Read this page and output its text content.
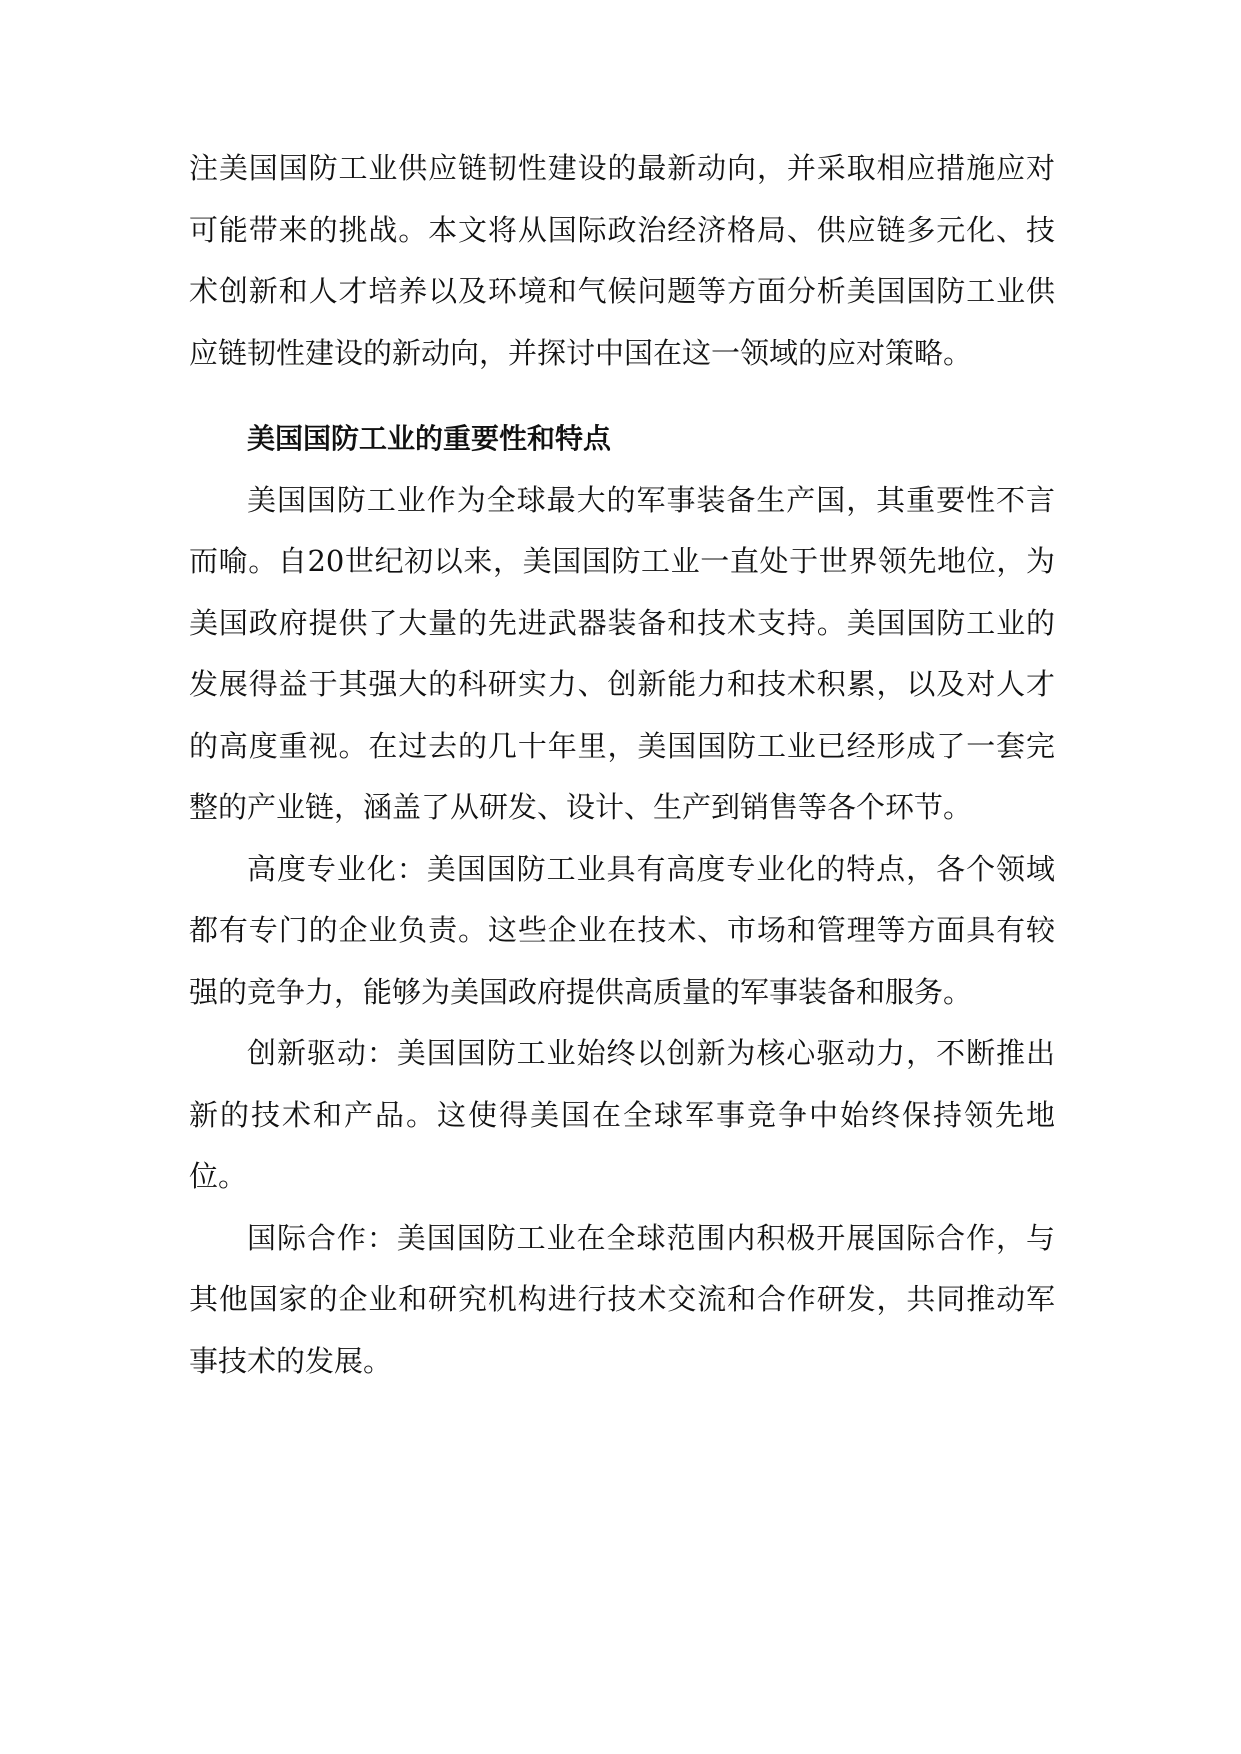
注美国国防工业供应链韧性建设的最新动向，并采取相应措施应对可能带来的挑战。本文将从国际政治经济格局、供应链多元化、技术创新和人才培养以及环境和气候问题等方面分析美国国防工业供应链韧性建设的新动向，并探讨中国在这一领域的应对策略。

美国国防工业的重要性和特点

美国国防工业作为全球最大的军事装备生产国，其重要性不言而喻。自20世纪初以来，美国国防工业一直处于世界领先地位，为美国政府提供了大量的先进武器装备和技术支持。美国国防工业的发展得益于其强大的科研实力、创新能力和技术积累，以及对人才的高度重视。在过去的几十年里，美国国防工业已经形成了一套完整的产业链，涵盖了从研发、设计、生产到销售等各个环节。

高度专业化：美国国防工业具有高度专业化的特点，各个领域都有专门的企业负责。这些企业在技术、市场和管理等方面具有较强的竞争力，能够为美国政府提供高质量的军事装备和服务。

创新驱动：美国国防工业始终以创新为核心驱动力，不断推出新的技术和产品。这使得美国在全球军事竞争中始终保持领先地位。

国际合作：美国国防工业在全球范围内积极开展国际合作，与其他国家的企业和研究机构进行技术交流和合作研发，共同推动军事技术的发展。
